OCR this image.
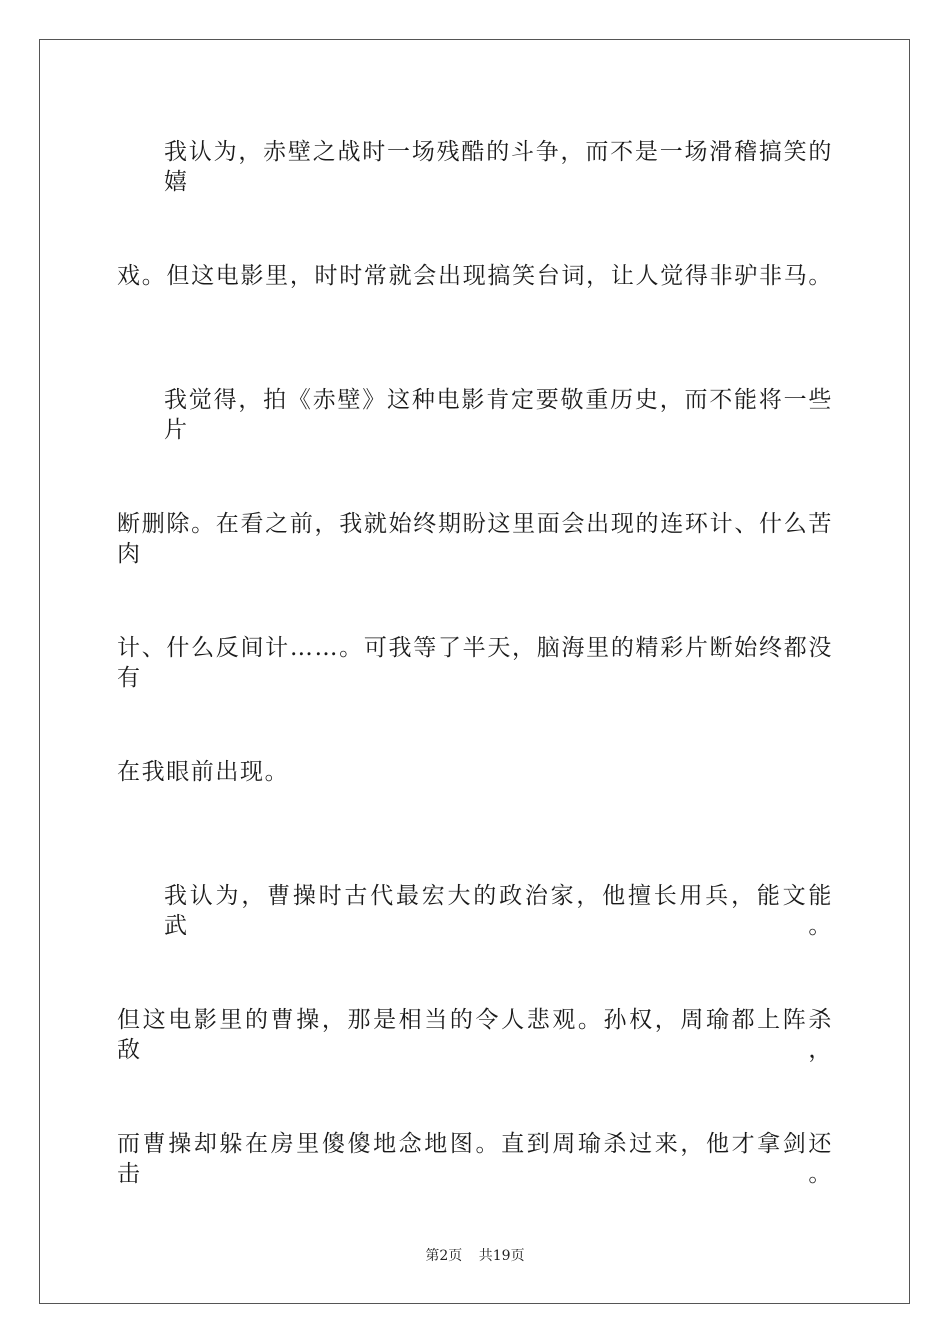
我认为，赤壁之战时一场残酷的斗争，而不是一场滑稽搞笑的嬉
戏。但这电影里，时时常就会出现搞笑台词，让人觉得非驴非马。
我觉得，拍《赤壁》这种电影肯定要敬重历史，而不能将一些片
断删除。在看之前，我就始终期盼这里面会出现的连环计、什么苦肉
计、什么反间计……。可我等了半天，脑海里的精彩片断始终都没有
在我眼前出现。
我认为，曹操时古代最宏大的政治家，他擅长用兵，能文能武。
但这电影里的曹操，那是相当的令人悲观。孙权，周瑜都上阵杀敌，
而曹操却躲在房里傻傻地念地图。直到周瑜杀过来，他才拿剑还击。
第2页 共19页
